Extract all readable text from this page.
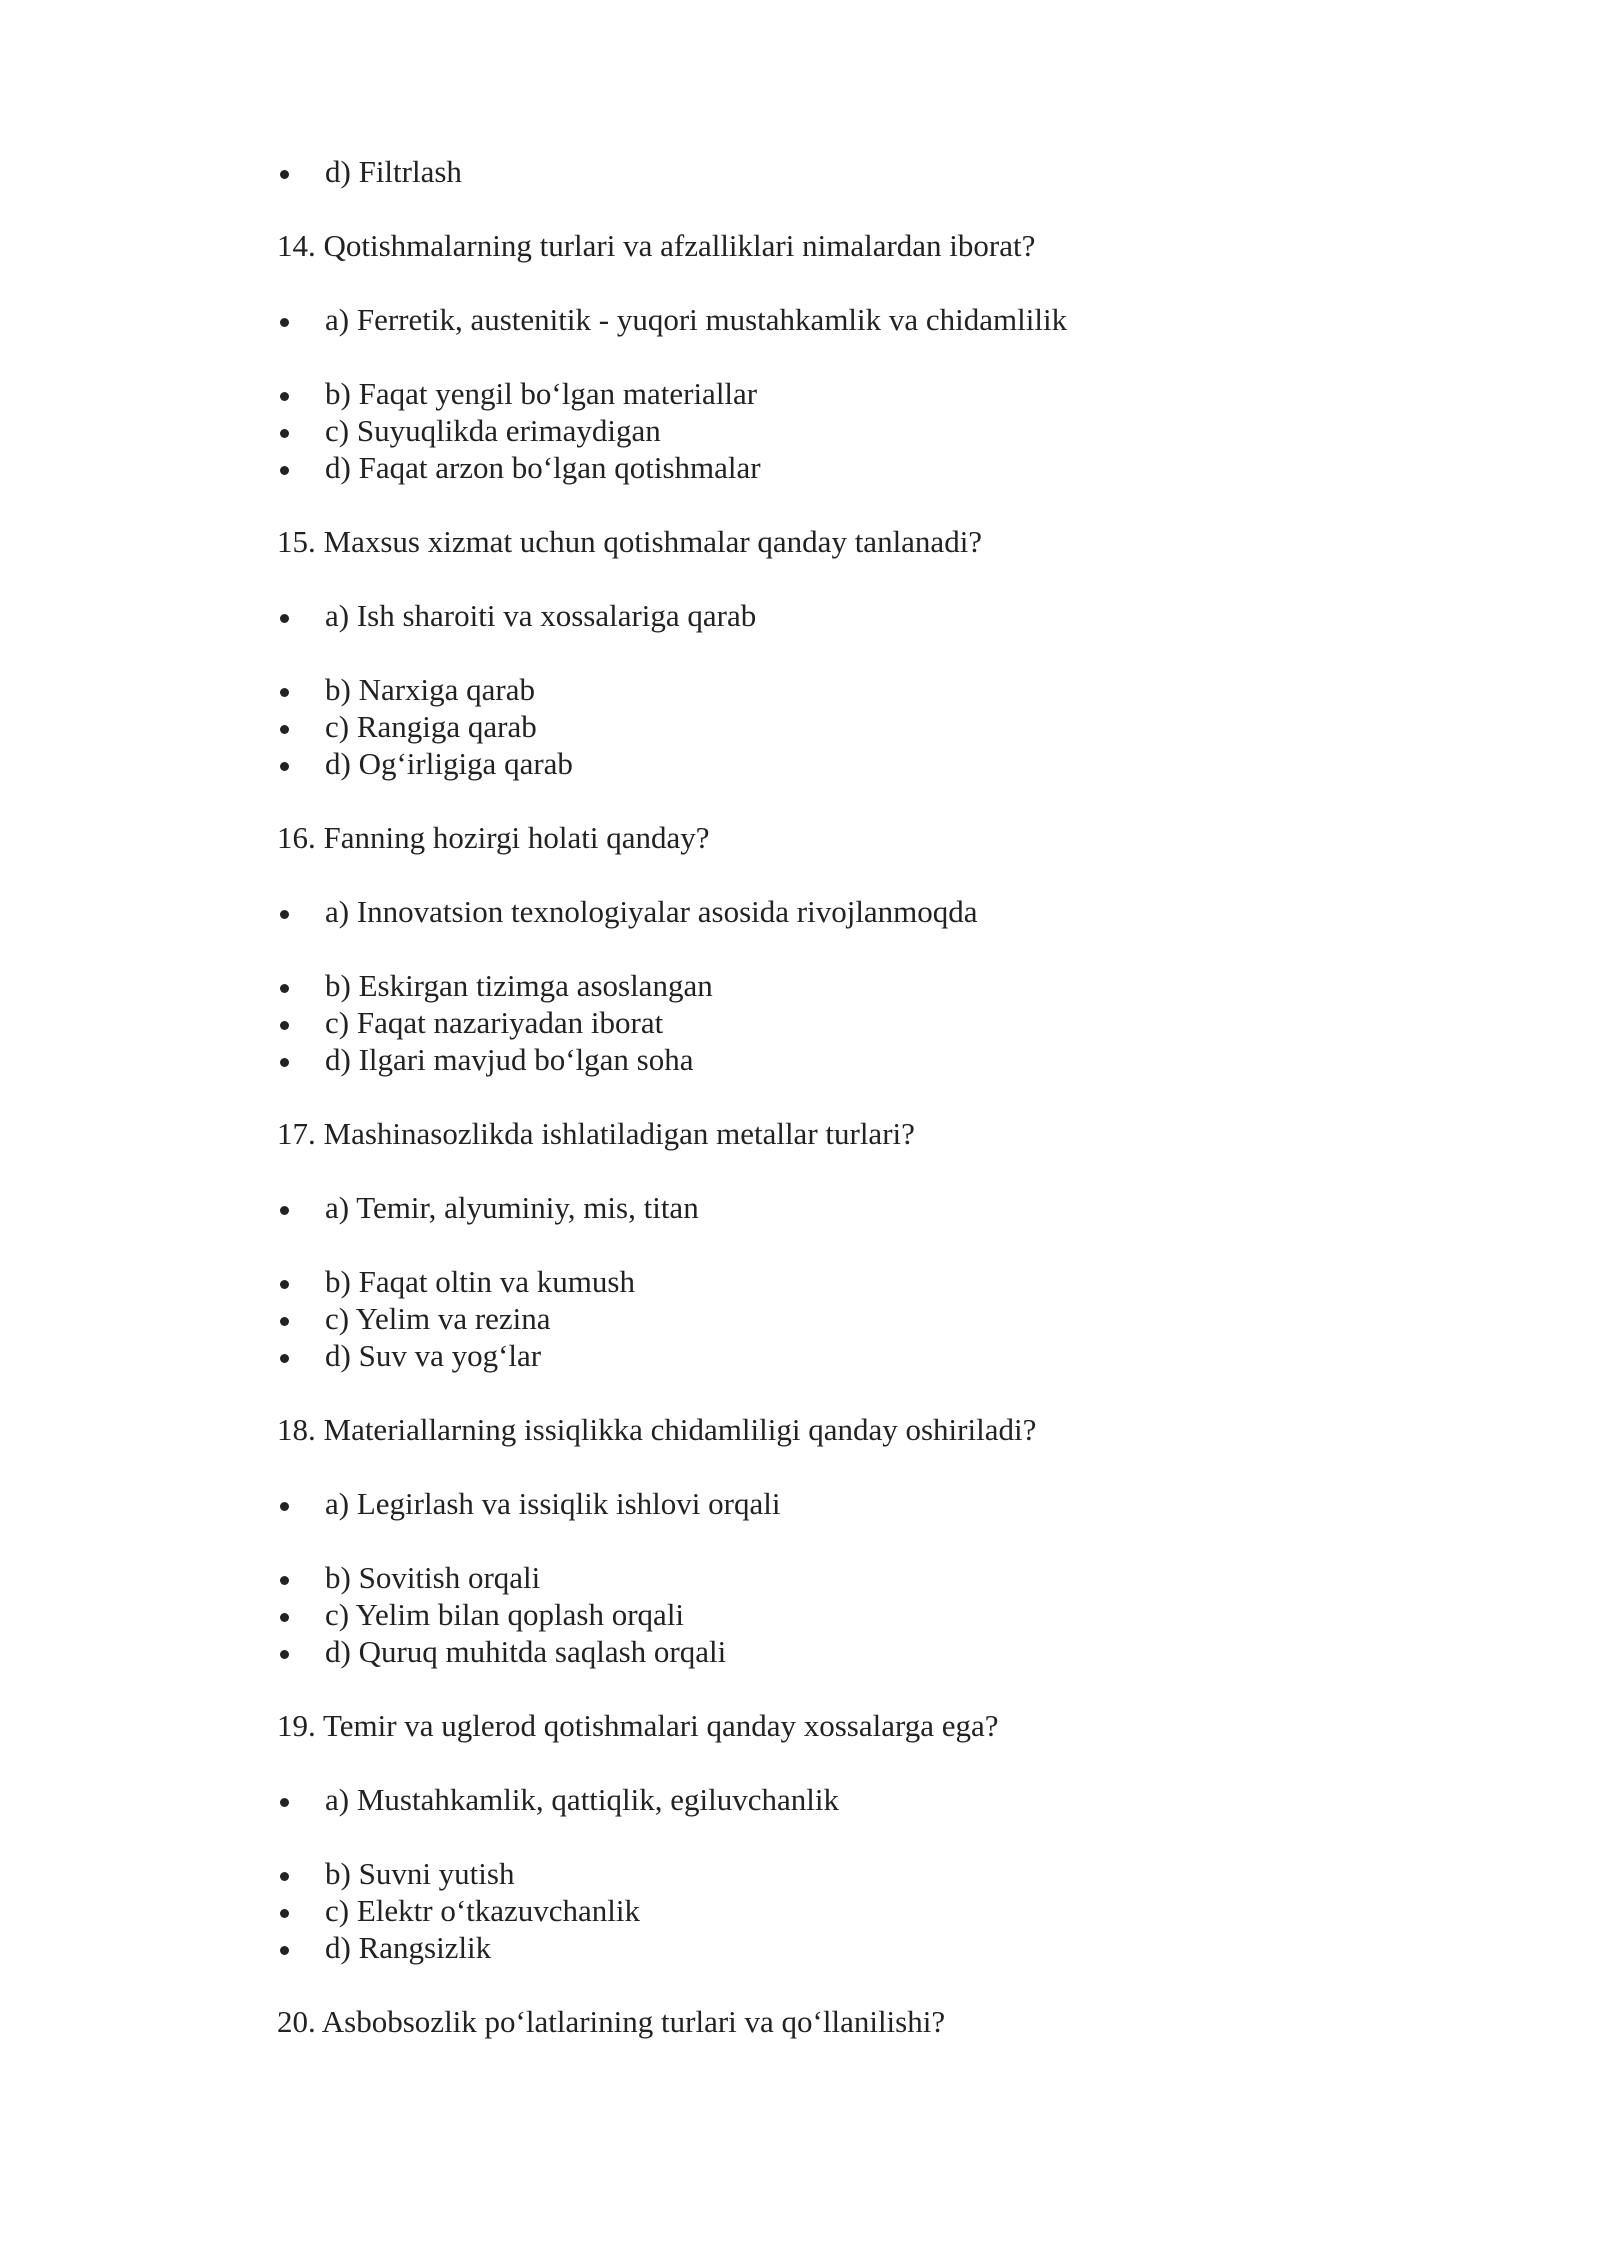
d) Filtrlash
14. Qotishmalarning turlari va afzalliklari nimalardan iborat?
a) Ferretik, austenitik - yuqori mustahkamlik va chidamlilik
b) Faqat yengil bo‘lgan materiallar
c) Suyuqlikda erimaydigan
d) Faqat arzon bo‘lgan qotishmalar
15. Maxsus xizmat uchun qotishmalar qanday tanlanadi?
a) Ish sharoiti va xossalariga qarab
b) Narxiga qarab
c) Rangiga qarab
d) Og‘irligiga qarab
16. Fanning hozirgi holati qanday?
a) Innovatsion texnologiyalar asosida rivojlanmoqda
b) Eskirgan tizimga asoslangan
c) Faqat nazariyadan iborat
d) Ilgari mavjud bo‘lgan soha
17. Mashinasozlikda ishlatiladigan metallar turlari?
a) Temir, alyuminiy, mis, titan
b) Faqat oltin va kumush
c) Yelim va rezina
d) Suv va yog‘lar
18. Materiallarning issiqlikka chidamliligi qanday oshiriladi?
a) Legirlash va issiqlik ishlovi orqali
b) Sovitish orqali
c) Yelim bilan qoplash orqali
d) Quruq muhitda saqlash orqali
19. Temir va uglerod qotishmalari qanday xossalarga ega?
a) Mustahkamlik, qattiqlik, egiluvchanlik
b) Suvni yutish
c) Elektr o‘tkazuvchanlik
d) Rangsizlik
20. Asbobsozlik po‘latlarining turlari va qo‘llanilishi?
